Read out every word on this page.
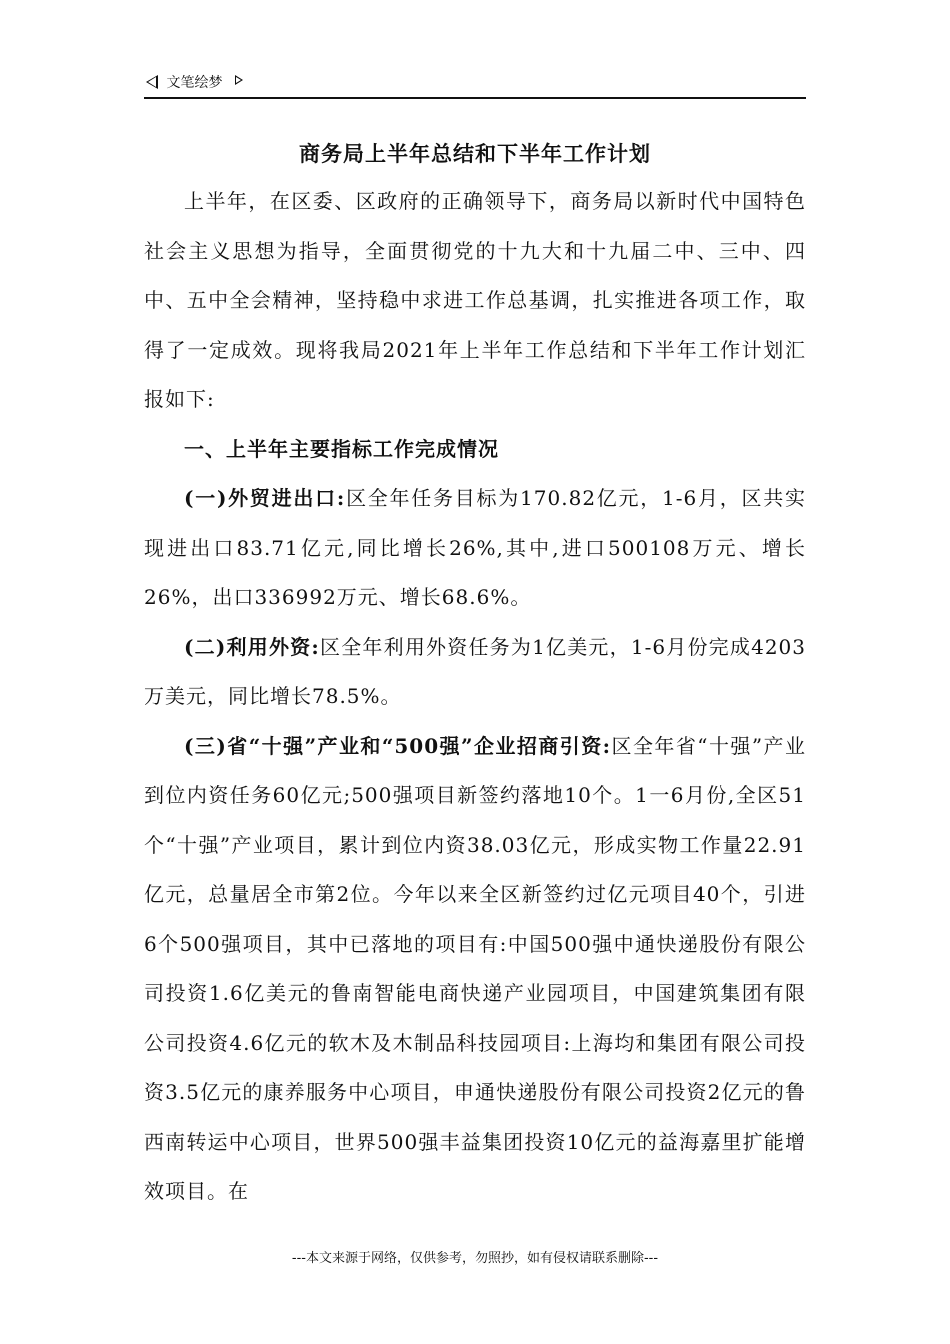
文笔绘梦
商务局上半年总结和下半年工作计划

上半年，在区委、区政府的正确领导下，商务局以新时代中国特色社会主义思想为指导，全面贯彻党的十九大和十九届二中、三中、四中、五中全会精神，坚持稳中求进工作总基调，扎实推进各项工作，取得了一定成效。现将我局2021年上半年工作总结和下半年工作计划汇报如下:

一、上半年主要指标工作完成情况

(一)外贸进出口:区全年任务目标为170.82亿元，1-6月，区共实现进出口83.71亿元,同比增长26%,其中,进口500108万元、增长26%，出口336992万元、增长68.6%。

(二)利用外资:区全年利用外资任务为1亿美元，1-6月份完成4203万美元，同比增长78.5%。

(三)省“十强”产业和“500强”企业招商引资:区全年省“十强”产业到位内资任务60亿元;500强项目新签约落地10个。1一6月份,全区51个“十强”产业项目，累计到位内资38.03亿元，形成实物工作量22.91亿元，总量居全市第2位。今年以来全区新签约过亿元项目40个，引进6个500强项目，其中已落地的项目有:中国500强中通快递股份有限公司投资1.6亿美元的鲁南智能电商快递产业园项目，中国建筑集团有限公司投资4.6亿元的软木及木制品科技园项目:上海均和集团有限公司投资3.5亿元的康养服务中心项目，申通快递股份有限公司投资2亿元的鲁西南转运中心项目，世界500强丰益集团投资10亿元的益海嘉里扩能增效项目。在

---本文来源于网络，仅供参考，勿照抄，如有侵权请联系删除---
